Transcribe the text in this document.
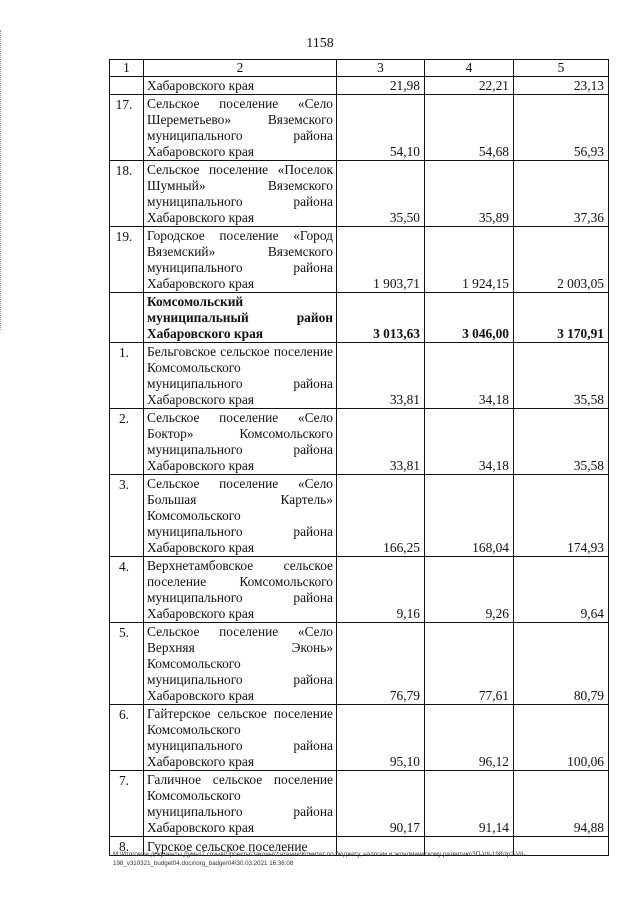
1158
1	2	3	4	5
	Хабаровского края	21,98	22,21	23,13
17.	Сельское поселение «Село Шереметьево» Вяземского муниципального района Хабаровского края	54,10	54,68	56,93
18.	Сельское поселение «Поселок Шумный» Вяземского муниципального района Хабаровского края	35,50	35,89	37,36
19.	Городское поселение «Город Вяземский» Вяземского муниципального района Хабаровского края	1 903,71	1 924,15	2 003,05
	Комсомольский муниципальный район Хабаровского края	3 013,63	3 046,00	3 170,91
1.	Бельговское сельское поселение Комсомольского муниципального района Хабаровского края	33,81	34,18	35,58
2.	Сельское поселение «Село Боктор» Комсомольского муниципального района Хабаровского края	33,81	34,18	35,58
3.	Сельское поселение «Село Большая Картель» Комсомольского муниципального района Хабаровского края	166,25	168,04	174,93
4.	Верхнетамбовское сельское поселение Комсомольского муниципального района Хабаровского края	9,16	9,26	9,64
5.	Сельское поселение «Село Верхняя Эконь» Комсомольского муниципального района Хабаровского края	76,79	77,61	80,79
6.	Гайтерское сельское поселение Комсомольского муниципального района Хабаровского края	95,10	96,12	100,06
7.	Галичное сельское поселение Комсомольского муниципального района Хабаровского края	90,17	91,14	94,88
8.	Гурское сельское поселение			
M:\Итоговые документы Думы\7 созыв\Проекты\Законы\2 чтение\Комитет по бюджету, налогам и экономическому развитию\ЗП-VII-198\zp2-VII-198_v310321_budget04.docx\org_badger04\30.03.2021 16:36:08
